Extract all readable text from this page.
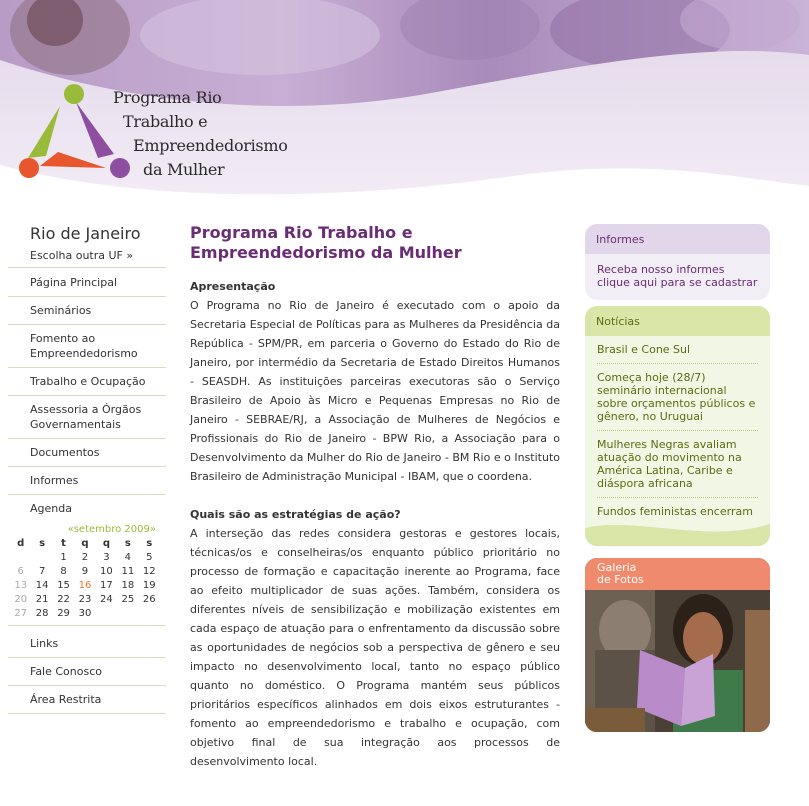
Programa Rio
Trabalho e
Empreendedorismo
da Mulher
Rio de Janeiro
Escolha outra UF »
Página Principal
Seminários
Fomento ao Empreendedorismo
Trabalho e Ocupação
Assessoria a Órgãos Governamentais
Documentos
Informes
Agenda
«setembro 2009»
d	s	t	q	q	s	s
		1	2	3	4	5
6	7	8	9	10	11	12
13	14	15	16	17	18	19
20	21	22	23	24	25	26
27	28	29	30			
Links
Fale Conosco
Área Restrita
Programa Rio Trabalho e Empreendedorismo da Mulher
Apresentação

O Programa no Rio de Janeiro é executado com o apoio da Secretaria Especial de Políticas para as Mulheres da Presidência da República - SPM/PR, em parceria o Governo do Estado do Rio de Janeiro, por intermédio da Secretaria de Estado Direitos Humanos - SEASDH. As instituições parceiras executoras são o Serviço Brasileiro de Apoio às Micro e Pequenas Empresas no Rio de Janeiro - SEBRAE/RJ, a Associação de Mulheres de Negócios e Profissionais do Rio de Janeiro - BPW Rio, a Associação para o Desenvolvimento da Mulher do Rio de Janeiro - BM Rio e o Instituto Brasileiro de Administração Municipal - IBAM, que o coordena.

Quais são as estratégias de ação?

A interseção das redes considera gestoras e gestores locais, técnicas/os e conselheiras/os enquanto público prioritário no processo de formação e capacitação inerente ao Programa, face ao efeito multiplicador de suas ações. Também, considera os diferentes níveis de sensibilização e mobilização existentes em cada espaço de atuação para o enfrentamento da discussão sobre as oportunidades de negócios sob a perspectiva de gênero e seu impacto no desenvolvimento local, tanto no espaço público quanto no doméstico. O Programa mantém seus públicos prioritários específicos alinhados em dois eixos estruturantes - fomento ao empreendedorismo e trabalho e ocupação, com objetivo final de sua integração aos processos de desenvolvimento local.

Informes
Receba nosso informes
clique aqui para se cadastrar
Notícias
Brasil e Cone Sul
Começa hoje (28/7) seminário internacional sobre orçamentos públicos e gênero, no Uruguai
Mulheres Negras avaliam atuação do movimento na América Latina, Caribe e diáspora africana
Fundos feministas encerram
Galeria
de Fotos
